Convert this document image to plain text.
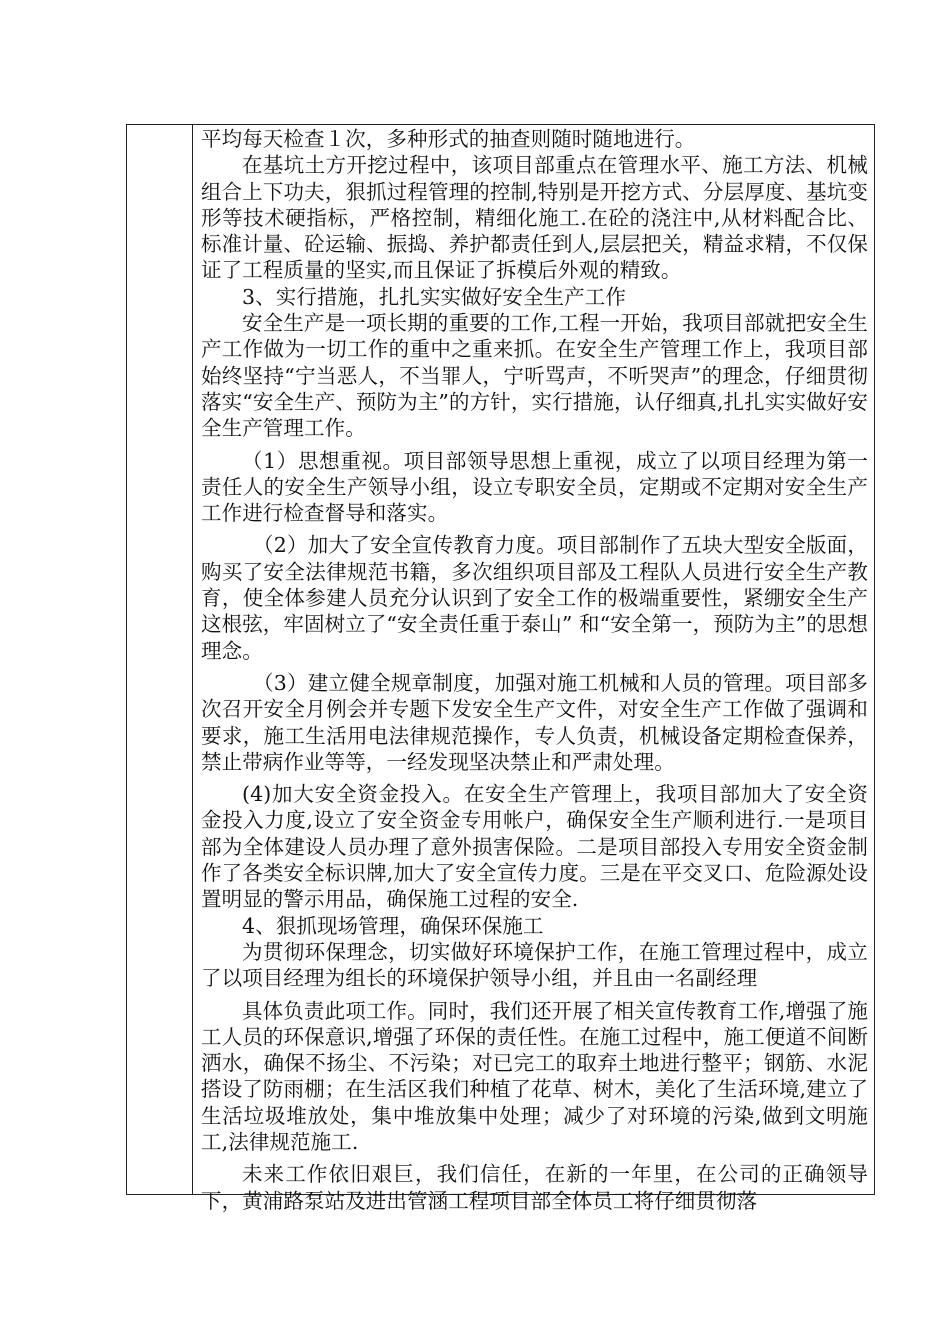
平均每天检查１次，多种形式的抽查则随时随地进行。

在基坑土方开挖过程中，该项目部重点在管理水平、施工方法、机械组合上下功夫，狠抓过程管理的控制,特别是开挖方式、分层厚度、基坑变形等技术硬指标，严格控制，精细化施工.在砼的浇注中,从材料配合比、标准计量、砼运输、振捣、养护都责任到人,层层把关，精益求精，不仅保证了工程质量的坚实,而且保证了拆模后外观的精致。

3、实行措施，扎扎实实做好安全生产工作

安全生产是一项长期的重要的工作,工程一开始，我项目部就把安全生产工作做为一切工作的重中之重来抓。在安全生产管理工作上，我项目部始终坚持“宁当恶人，不当罪人，宁听骂声，不听哭声”的理念，仔细贯彻落实“安全生产、预防为主”的方针，实行措施，认仔细真,扎扎实实做好安全生产管理工作。

（1）思想重视。项目部领导思想上重视，成立了以项目经理为第一责任人的安全生产领导小组，设立专职安全员，定期或不定期对安全生产工作进行检查督导和落实。

（2）加大了安全宣传教育力度。项目部制作了五块大型安全版面，购买了安全法律规范书籍，多次组织项目部及工程队人员进行安全生产教育，使全体参建人员充分认识到了安全工作的极端重要性，紧绷安全生产这根弦，牢固树立了“安全责任重于泰山” 和“安全第一，预防为主”的思想理念。

（3）建立健全规章制度，加强对施工机械和人员的管理。项目部多次召开安全月例会并专题下发安全生产文件，对安全生产工作做了强调和要求，施工生活用电法律规范操作，专人负责，机械设备定期检查保养，禁止带病作业等等，一经发现坚决禁止和严肃处理。

(4)加大安全资金投入。在安全生产管理上，我项目部加大了安全资金投入力度,设立了安全资金专用帐户，确保安全生产顺利进行.一是项目部为全体建设人员办理了意外损害保险。二是项目部投入专用安全资金制作了各类安全标识牌,加大了安全宣传力度。三是在平交叉口、危险源处设置明显的警示用品，确保施工过程的安全.

4、狠抓现场管理，确保环保施工

为贯彻环保理念，切实做好环境保护工作，在施工管理过程中，成立了以项目经理为组长的环境保护领导小组，并且由一名副经理

具体负责此项工作。同时，我们还开展了相关宣传教育工作,增强了施工人员的环保意识,增强了环保的责任性。在施工过程中，施工便道不间断洒水，确保不扬尘、不污染；对已完工的取弃土地进行整平；钢筋、水泥搭设了防雨棚；在生活区我们种植了花草、树木，美化了生活环境,建立了生活垃圾堆放处，集中堆放集中处理；减少了对环境的污染,做到文明施工,法律规范施工.

未来工作依旧艰巨，我们信任，在新的一年里，在公司的正确领导下，黄浦路泵站及进出管涵工程项目部全体员工将仔细贯彻落
